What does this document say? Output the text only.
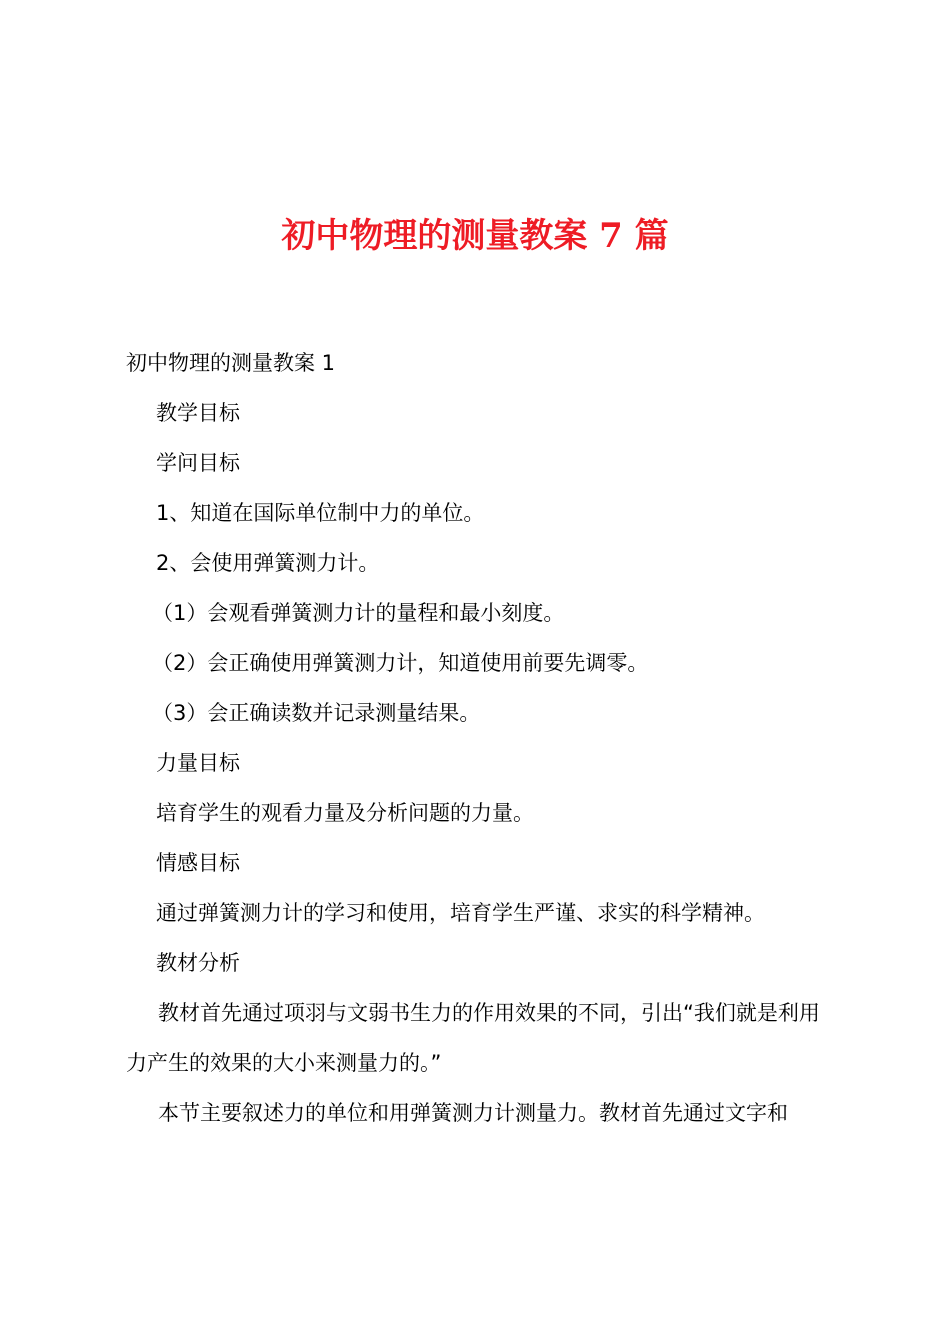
初中物理的测量教案 7 篇

初中物理的测量教案 1

教学目标

学问目标

1、知道在国际单位制中力的单位。

2、会使用弹簧测力计。

（1）会观看弹簧测力计的量程和最小刻度。

（2）会正确使用弹簧测力计，知道使用前要先调零。

（3）会正确读数并记录测量结果。

力量目标

培育学生的观看力量及分析问题的力量。

情感目标

通过弹簧测力计的学习和使用，培育学生严谨、求实的科学精神。

教材分析

教材首先通过项羽与文弱书生力的作用效果的不同，引出“我们就是利用力产生的效果的大小来测量力的。”

本节主要叙述力的单位和用弹簧测力计测量力。教材首先通过文字和
